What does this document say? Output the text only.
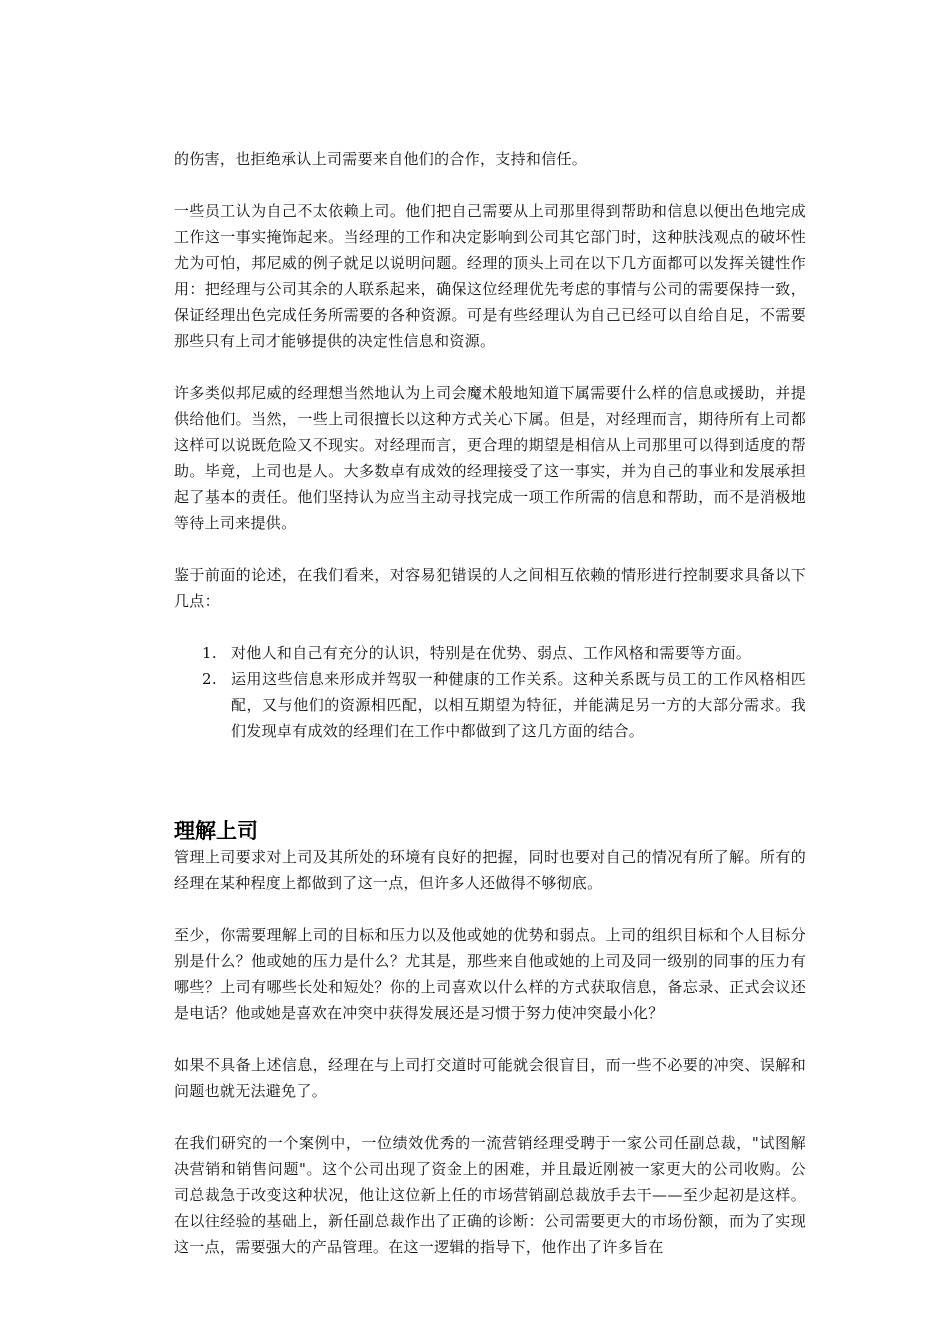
的伤害，也拒绝承认上司需要来自他们的合作，支持和信任。

一些员工认为自己不太依赖上司。他们把自己需要从上司那里得到帮助和信息以便出色地完成工作这一事实掩饰起来。当经理的工作和决定影响到公司其它部门时，这种肤浅观点的破坏性尤为可怕，邦尼威的例子就足以说明问题。经理的顶头上司在以下几方面都可以发挥关键性作用：把经理与公司其余的人联系起来，确保这位经理优先考虑的事情与公司的需要保持一致，保证经理出色完成任务所需要的各种资源。可是有些经理认为自己已经可以自给自足，不需要那些只有上司才能够提供的决定性信息和资源。

许多类似邦尼威的经理想当然地认为上司会魔术般地知道下属需要什么样的信息或援助，并提供给他们。当然，一些上司很擅长以这种方式关心下属。但是，对经理而言，期待所有上司都这样可以说既危险又不现实。对经理而言，更合理的期望是相信从上司那里可以得到适度的帮助。毕竟，上司也是人。大多数卓有成效的经理接受了这一事实，并为自己的事业和发展承担起了基本的责任。他们坚持认为应当主动寻找完成一项工作所需的信息和帮助，而不是消极地等待上司来提供。

鉴于前面的论述，在我们看来，对容易犯错误的人之间相互依赖的情形进行控制要求具备以下几点：

1. 对他人和自己有充分的认识，特别是在优势、弱点、工作风格和需要等方面。
2. 运用这些信息来形成并驾驭一种健康的工作关系。这种关系既与员工的工作风格相匹配，又与他们的资源相匹配，以相互期望为特征，并能满足另一方的大部分需求。我们发现卓有成效的经理们在工作中都做到了这几方面的结合。
理解上司

管理上司要求对上司及其所处的环境有良好的把握，同时也要对自己的情况有所了解。所有的经理在某种程度上都做到了这一点，但许多人还做得不够彻底。

至少，你需要理解上司的目标和压力以及他或她的优势和弱点。上司的组织目标和个人目标分别是什么？他或她的压力是什么？尤其是，那些来自他或她的上司及同一级别的同事的压力有哪些？上司有哪些长处和短处？你的上司喜欢以什么样的方式获取信息，备忘录、正式会议还是电话？他或她是喜欢在冲突中获得发展还是习惯于努力使冲突最小化？

如果不具备上述信息，经理在与上司打交道时可能就会很盲目，而一些不必要的冲突、误解和问题也就无法避免了。

在我们研究的一个案例中，一位绩效优秀的一流营销经理受聘于一家公司任副总裁，"试图解决营销和销售问题"。这个公司出现了资金上的困难，并且最近刚被一家更大的公司收购。公司总裁急于改变这种状况，他让这位新上任的市场营销副总裁放手去干——至少起初是这样。在以往经验的基础上，新任副总裁作出了正确的诊断：公司需要更大的市场份额，而为了实现这一点，需要强大的产品管理。在这一逻辑的指导下，他作出了许多旨在
